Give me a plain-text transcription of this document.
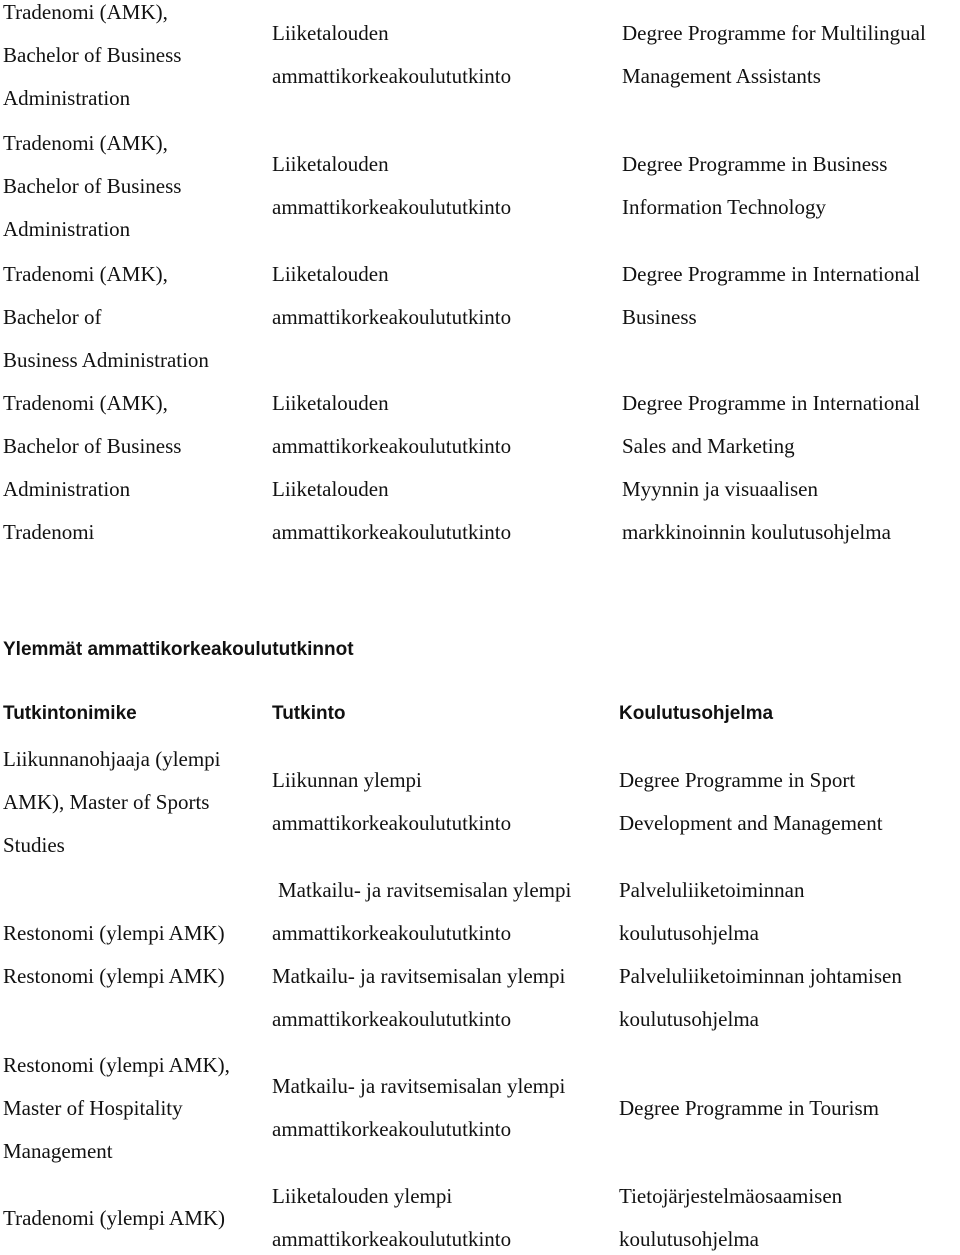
Tradenomi (AMK),
Bachelor of Business
Administration
Liiketalouden
ammattikorkeakoulututkinto
Degree Programme for Multilingual
Management Assistants
Tradenomi (AMK),
Bachelor of Business
Administration
Liiketalouden
ammattikorkeakoulututkinto
Degree Programme in Business
Information Technology
Tradenomi (AMK),
Bachelor of
Business Administration
Liiketalouden
ammattikorkeakoulututkinto
Degree Programme in International
Business
Tradenomi (AMK),
Bachelor of Business
Administration
Liiketalouden
ammattikorkeakoulututkinto
Degree Programme in International
Sales and Marketing
Tradenomi
Liiketalouden
ammattikorkeakoulututkinto
Myynnin ja visuaalisen
markkinoinnin koulutusohjelma
Ylemmät ammattikorkeakoulututkinnot
Tutkintonimike	Tutkinto	Koulutusohjelma
Liikunnanohjaaja (ylempi
AMK), Master of Sports
Studies
Liikunnan ylempi
ammattikorkeakoulututkinto
Degree Programme in Sport
Development and Management
Restonomi (ylempi AMK)
Matkailu- ja ravitsemisalan ylempi
ammattikorkeakoulututkinto
Palveluliiketoiminnan
koulutusohjelma
Restonomi (ylempi AMK) Matkailu- ja ravitsemisalan ylempi
ammattikorkeakoulututkinto
Palveluliiketoiminnan johtamisen
koulutusohjelma
Restonomi (ylempi AMK),
Master of Hospitality
Management
Matkailu- ja ravitsemisalan ylempi
ammattikorkeakoulututkinto
Degree Programme in Tourism
Tradenomi (ylempi AMK)
Liiketalouden ylempi
ammattikorkeakoulututkinto
Tietojärjestelmäosaamisen
koulutusohjelma
